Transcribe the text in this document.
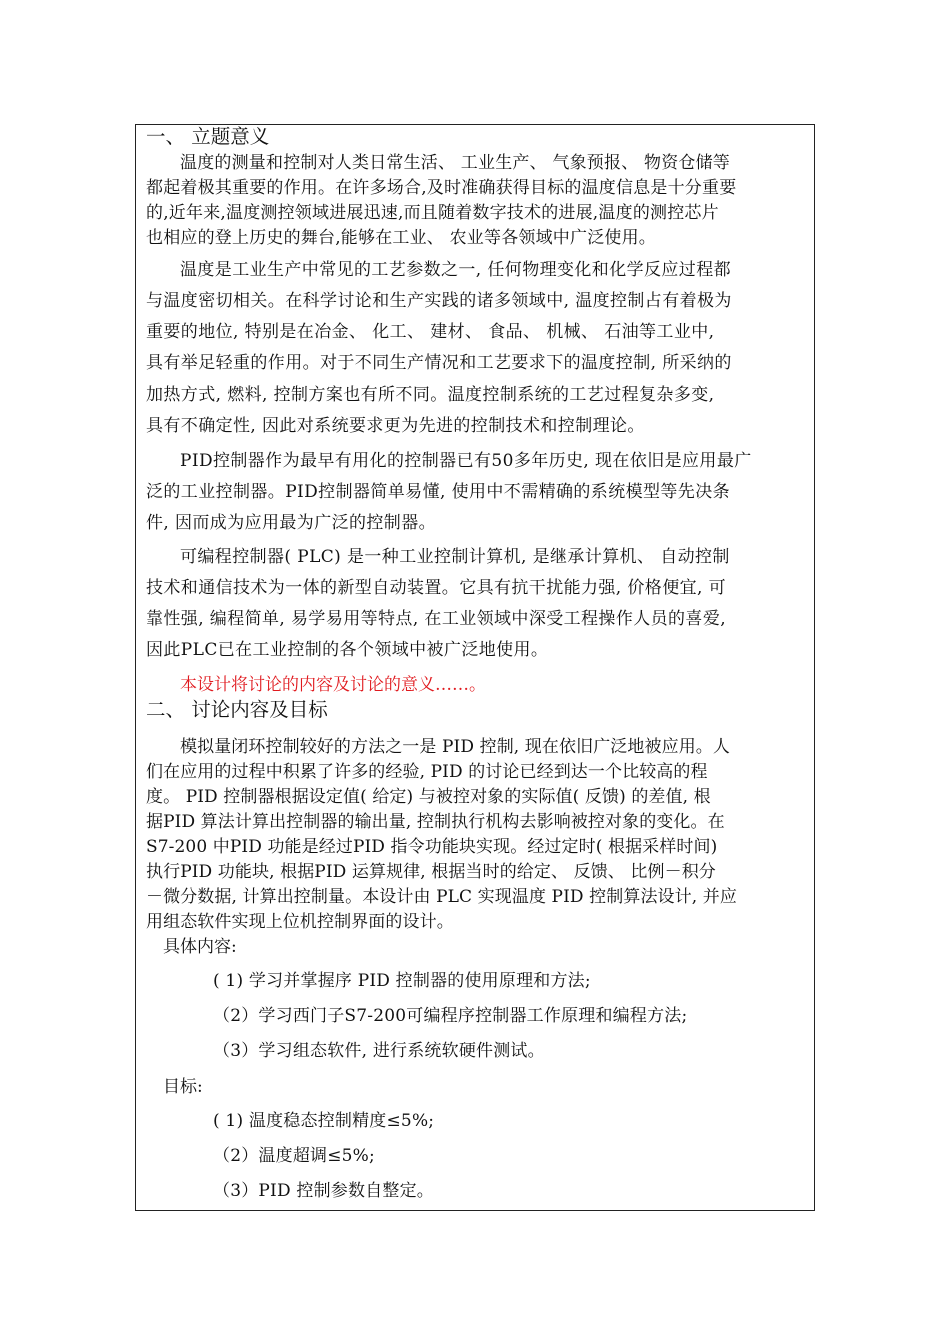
一、 立题意义
温度的测量和控制对人类日常生活、 工业生产、 气象预报、 物资仓储等
都起着极其重要的作用。在许多场合,及时准确获得目标的温度信息是十分重要
的,近年来,温度测控领域进展迅速,而且随着数字技术的进展,温度的测控芯片
也相应的登上历史的舞台,能够在工业、 农业等各领域中广泛使用。
温度是工业生产中常见的工艺参数之一, 任何物理变化和化学反应过程都
与温度密切相关。在科学讨论和生产实践的诸多领域中, 温度控制占有着极为
重要的地位, 特别是在冶金、 化工、 建材、 食品、 机械、 石油等工业中,
具有举足轻重的作用。对于不同生产情况和工艺要求下的温度控制, 所采纳的
加热方式, 燃料, 控制方案也有所不同。温度控制系统的工艺过程复杂多变,
具有不确定性, 因此对系统要求更为先进的控制技术和控制理论。
PID控制器作为最早有用化的控制器已有50多年历史, 现在依旧是应用最广
泛的工业控制器。PID控制器简单易懂, 使用中不需精确的系统模型等先决条
件, 因而成为应用最为广泛的控制器。
可编程控制器( PLC) 是一种工业控制计算机, 是继承计算机、 自动控制
技术和通信技术为一体的新型自动装置。它具有抗干扰能力强, 价格便宜, 可
靠性强, 编程简单, 易学易用等特点, 在工业领域中深受工程操作人员的喜爱,
因此PLC已在工业控制的各个领域中被广泛地使用。
本设计将讨论的内容及讨论的意义……。
二、 讨论内容及目标
模拟量闭环控制较好的方法之一是 PID 控制, 现在依旧广泛地被应用。人
们在应用的过程中积累了许多的经验, PID 的讨论已经到达一个比较高的程
度。 PID 控制器根据设定值( 给定) 与被控对象的实际值( 反馈) 的差值, 根
据PID 算法计算出控制器的输出量, 控制执行机构去影响被控对象的变化。在
S7-200 中PID 功能是经过PID 指令功能块实现。经过定时( 根据采样时间)
执行PID 功能块, 根据PID 运算规律, 根据当时的给定、 反馈、 比例－积分
－微分数据, 计算出控制量。本设计由 PLC 实现温度 PID 控制算法设计, 并应
用组态软件实现上位机控制界面的设计。
具体内容:
( 1) 学习并掌握序 PID 控制器的使用原理和方法;
（2）学习西门子S7-200可编程序控制器工作原理和编程方法;
（3）学习组态软件, 进行系统软硬件测试。
目标:
( 1) 温度稳态控制精度≤5%;
（2）温度超调≤5%;
（3）PID 控制参数自整定。
